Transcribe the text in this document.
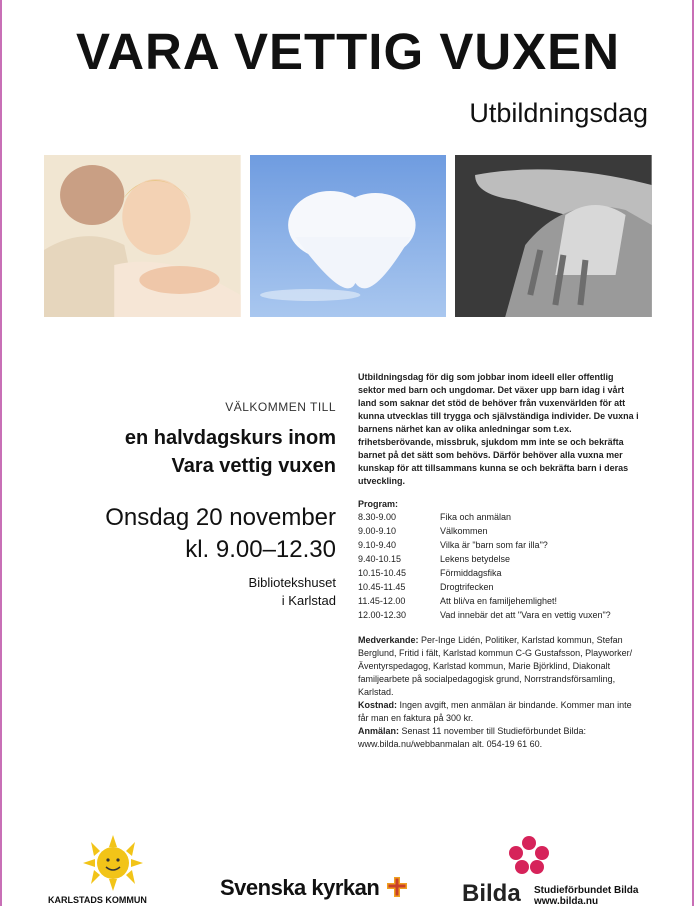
VARA VETTIG VUXEN
Utbildningsdag
VÄLKOMMEN TILL
en halvdagskurs inom
Vara vettig vuxen
Onsdag 20 november
kl. 9.00–12.30
Bibliotekshuset
i Karlstad
Utbildningsdag för dig som jobbar inom ideell eller offentlig sektor med barn och ungdomar. Det växer upp barn idag i vårt land som saknar det stöd de behöver från vuxenvärlden för att kunna utvecklas till trygga och självständiga individer. De vuxna i barnens närhet kan av olika anledningar som t.ex. frihetsberövande, missbruk, sjukdom mm inte se och bekräfta barnet på det sätt som behövs. Därför behöver alla vuxna mer kunskap för att tillsammans kunna se och bekräfta barn i deras utveckling.
Program:
8.30-9.00	Fika och anmälan
9.00-9.10	Välkommen
9.10-9.40	Vilka är "barn som far illa"?
9.40-10.15	Lekens betydelse
10.15-10.45	Förmiddagsfika
10.45-11.45	Drogtrifecken
11.45-12.00	Att bli/va en familjehemlighet!
12.00-12.30	Vad innebär det att "Vara en vettig vuxen"?
Medverkande: Per-Inge Lidén, Politiker, Karlstad kommun, Stefan Berglund, Fritid i fält, Karlstad kommun C-G Gustafsson, Playworker/Äventyrspedagog, Karlstad kommun, Marie Björklind, Diakonalt familjearbete på socialpedagogisk grund, Norrstrandsförsamling, Karlstad.
Kostnad: Ingen avgift, men anmälan är bindande. Kommer man inte får man en faktura på 300 kr.
Anmälan: Senast 11 november till Studieförbundet Bilda: www.bilda.nu/webbanmalan alt. 054-19 61 60.
KARLSTADS KOMMUN	Svenska kyrkan	Bilda Studieförbundet Bilda
www.bilda.nu
